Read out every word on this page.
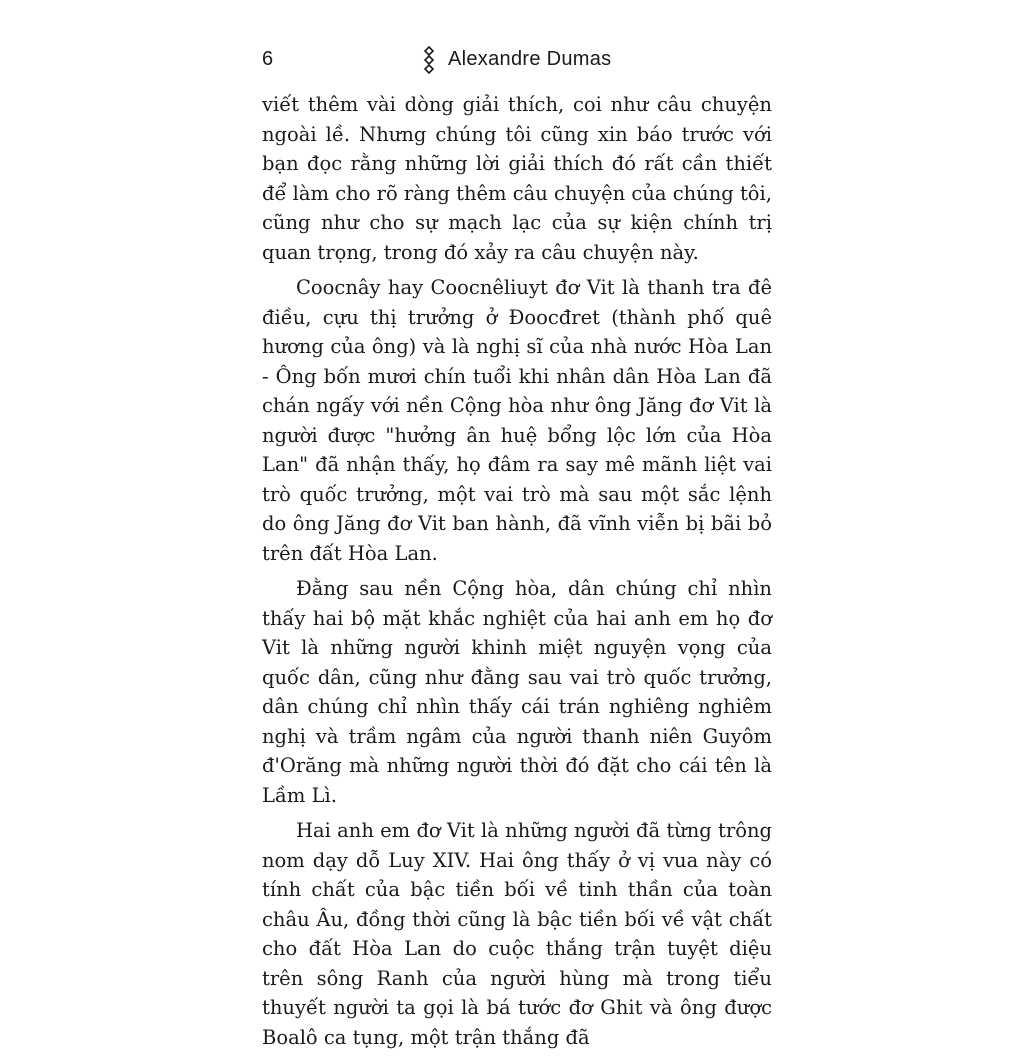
6	Alexandre Dumas

viết thêm vài dòng giải thích, coi như câu chuyện ngoài lề. Nhưng chúng tôi cũng xin báo trước với bạn đọc rằng những lời giải thích đó rất cần thiết để làm cho rõ ràng thêm câu chuyện của chúng tôi, cũng như cho sự mạch lạc của sự kiện chính trị quan trọng, trong đó xảy ra câu chuyện này.

Coocnây hay Coocnêliuyt đơ Vit là thanh tra đê điều, cựu thị trưởng ở Đoocđret (thành phố quê hương của ông) và là nghị sĩ của nhà nước Hòa Lan - Ông bốn mươi chín tuổi khi nhân dân Hòa Lan đã chán ngấy với nền Cộng hòa như ông Jăng đơ Vit là người được "hưởng ân huệ bổng lộc lớn của Hòa Lan" đã nhận thấy, họ đâm ra say mê mãnh liệt vai trò quốc trưởng, một vai trò mà sau một sắc lệnh do ông Jăng đơ Vit ban hành, đã vĩnh viễn bị bãi bỏ trên đất Hòa Lan.

Đằng sau nền Cộng hòa, dân chúng chỉ nhìn thấy hai bộ mặt khắc nghiệt của hai anh em họ đơ Vit là những người khinh miệt nguyện vọng của quốc dân, cũng như đằng sau vai trò quốc trưởng, dân chúng chỉ nhìn thấy cái trán nghiêng nghiêm nghị và trầm ngâm của người thanh niên Guyôm đ'Orăng mà những người thời đó đặt cho cái tên là Lầm Lì.

Hai anh em đơ Vit là những người đã từng trông nom dạy dỗ Luy XIV. Hai ông thấy ở vị vua này có tính chất của bậc tiền bối về tinh thần của toàn châu Âu, đồng thời cũng là bậc tiền bối về vật chất cho đất Hòa Lan do cuộc thắng trận tuyệt diệu trên sông Ranh của người hùng mà trong tiểu thuyết người ta gọi là bá tước đơ Ghit và ông được Boalô ca tụng, một trận thắng đã
